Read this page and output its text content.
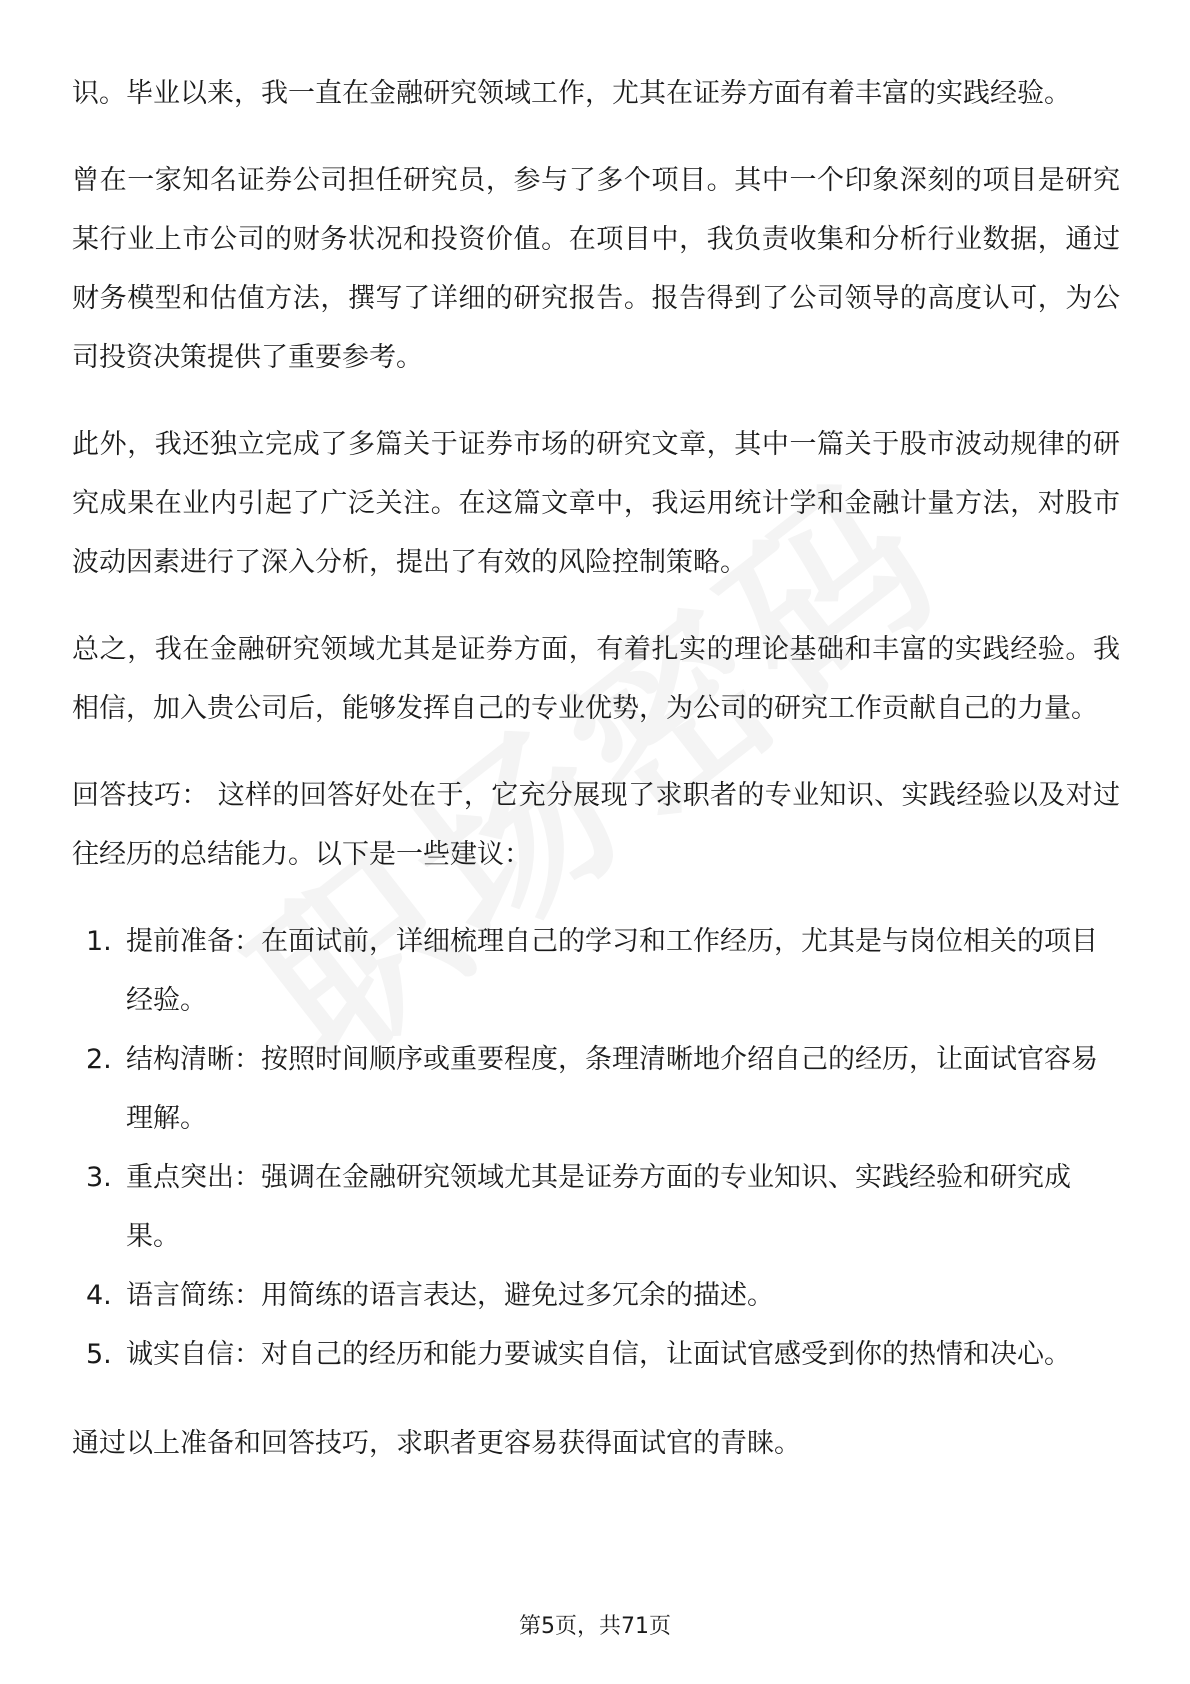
识。毕业以来，我一直在金融研究领域工作，尤其在证券方面有着丰富的实践经验。

曾在一家知名证券公司担任研究员，参与了多个项目。其中一个印象深刻的项目是研究某行业上市公司的财务状况和投资价值。在项目中，我负责收集和分析行业数据，通过财务模型和估值方法，撰写了详细的研究报告。报告得到了公司领导的高度认可，为公司投资决策提供了重要参考。

此外，我还独立完成了多篇关于证券市场的研究文章，其中一篇关于股市波动规律的研究成果在业内引起了广泛关注。在这篇文章中，我运用统计学和金融计量方法，对股市波动因素进行了深入分析，提出了有效的风险控制策略。

总之，我在金融研究领域尤其是证券方面，有着扎实的理论基础和丰富的实践经验。我相信，加入贵公司后，能够发挥自己的专业优势，为公司的研究工作贡献自己的力量。

回答技巧： 这样的回答好处在于，它充分展现了求职者的专业知识、实践经验以及对过往经历的总结能力。以下是一些建议：

1. 提前准备：在面试前，详细梳理自己的学习和工作经历，尤其是与岗位相关的项目经验。
2. 结构清晰：按照时间顺序或重要程度，条理清晰地介绍自己的经历，让面试官容易理解。
3. 重点突出：强调在金融研究领域尤其是证券方面的专业知识、实践经验和研究成果。
4. 语言简练：用简练的语言表达，避免过多冗余的描述。
5. 诚实自信：对自己的经历和能力要诚实自信，让面试官感受到你的热情和决心。

通过以上准备和回答技巧，求职者更容易获得面试官的青睐。

第5页，共71页
